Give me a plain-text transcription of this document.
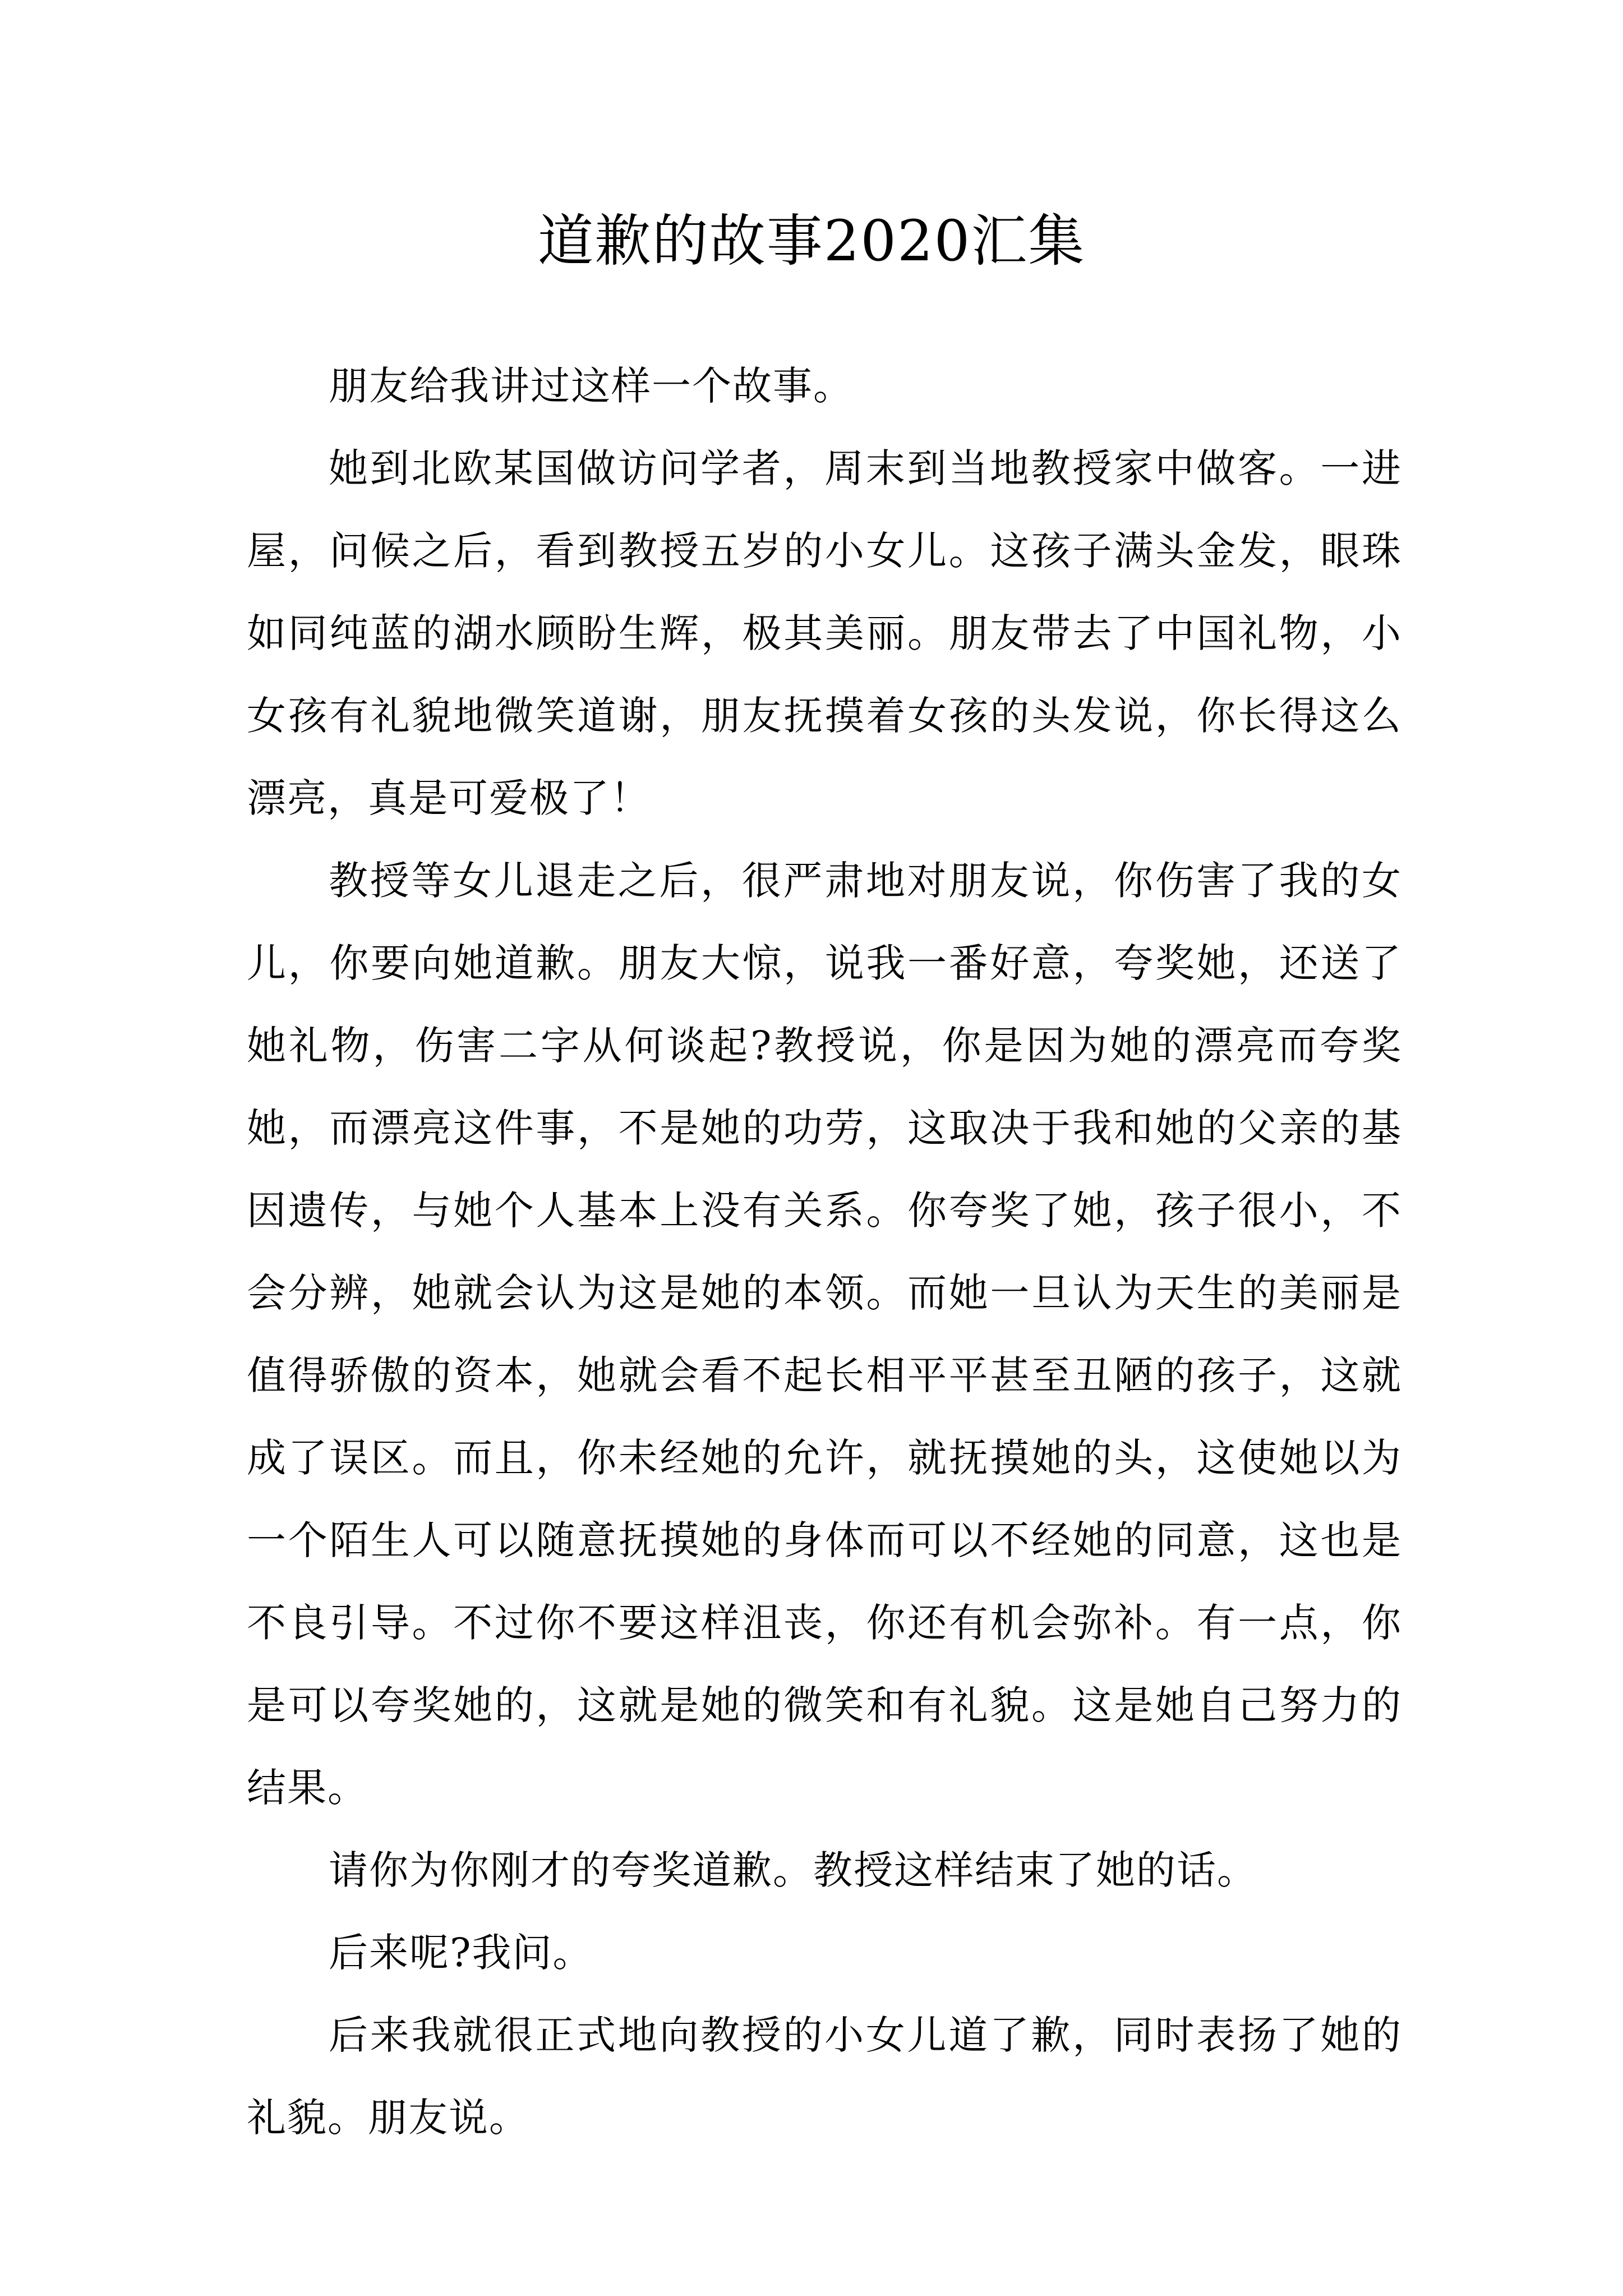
道歉的故事2020汇集

朋友给我讲过这样一个故事。

她到北欧某国做访问学者，周末到当地教授家中做客。一进屋，问候之后，看到教授五岁的小女儿。这孩子满头金发，眼珠如同纯蓝的湖水顾盼生辉，极其美丽。朋友带去了中国礼物，小女孩有礼貌地微笑道谢，朋友抚摸着女孩的头发说，你长得这么漂亮，真是可爱极了！

教授等女儿退走之后，很严肃地对朋友说，你伤害了我的女儿，你要向她道歉。朋友大惊，说我一番好意，夸奖她，还送了她礼物，伤害二字从何谈起?教授说，你是因为她的漂亮而夸奖她，而漂亮这件事，不是她的功劳，这取决于我和她的父亲的基因遗传，与她个人基本上没有关系。你夸奖了她，孩子很小，不会分辨，她就会认为这是她的本领。而她一旦认为天生的美丽是值得骄傲的资本，她就会看不起长相平平甚至丑陋的孩子，这就成了误区。而且，你未经她的允许，就抚摸她的头，这使她以为一个陌生人可以随意抚摸她的身体而可以不经她的同意，这也是不良引导。不过你不要这样沮丧，你还有机会弥补。有一点，你是可以夸奖她的，这就是她的微笑和有礼貌。这是她自己努力的结果。

请你为你刚才的夸奖道歉。教授这样结束了她的话。

后来呢?我问。

后来我就很正式地向教授的小女儿道了歉，同时表扬了她的礼貌。朋友说。
